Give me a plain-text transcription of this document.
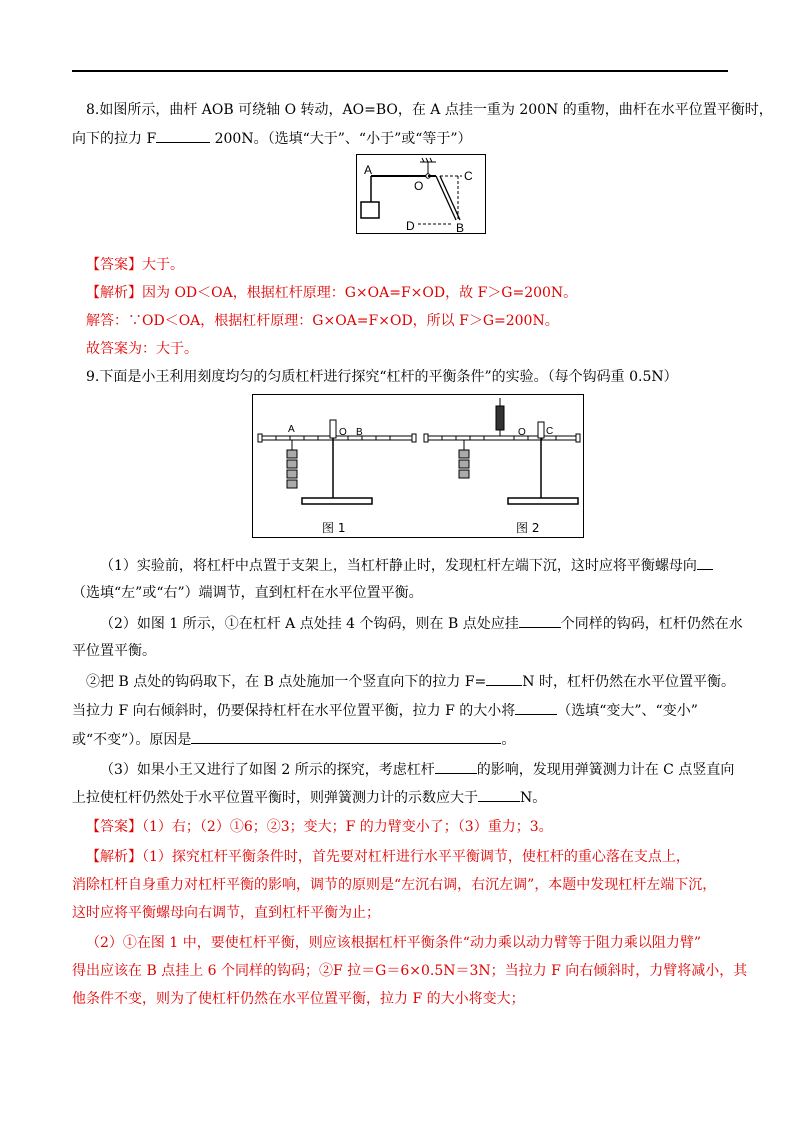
8.如图所示，曲杆 AOB 可绕轴 O 转动，AO=BO，在 A 点挂一重为 200N 的重物，曲杆在水平位置平衡时，
向下的拉力 F	200N。（选填“大于”、“小于”或“等于”）
A
O
C
B
D
【答案】大于。
【解析】因为 OD＜OA，根据杠杆原理：G×OA=F×OD，故 F＞G=200N。
解答：∵OD＜OA，根据杠杆原理：G×OA=F×OD，所以 F＞G=200N。
故答案为：大于。
9.下面是小王利用刻度均匀的匀质杠杆进行探究“杠杆的平衡条件”的实验。（每个钩码重 0.5N）
A	O B
图 1
O C
图 2
（1）实验前，将杠杆中点置于支架上，当杠杆静止时，发现杠杆左端下沉，这时应将平衡螺母向
（选填“左”或“右”）端调节，直到杠杆在水平位置平衡。
（2）如图 1 所示，①在杠杆 A 点处挂 4 个钩码，则在 B 点处应挂	个同样的钩码，杠杆仍然在水
平位置平衡。
②把 B 点处的钩码取下，在 B 点处施加一个竖直向下的拉力 F=	N 时，杠杆仍然在水平位置平衡。
当拉力 F 向右倾斜时，仍要保持杠杆在水平位置平衡，拉力 F 的大小将	（选填“变大”、“变小”
或“不变”）。原因是	。
（3）如果小王又进行了如图 2 所示的探究，考虑杠杆	的影响，发现用弹簧测力计在 C 点竖直向
上拉使杠杆仍然处于水平位置平衡时，则弹簧测力计的示数应大于	N。
【答案】（1）右；（2）①6；②3；变大；F 的力臂变小了；（3）重力；3。
【解析】（1）探究杠杆平衡条件时，首先要对杠杆进行水平平衡调节，使杠杆的重心落在支点上，
消除杠杆自身重力对杠杆平衡的影响，调节的原则是“左沉右调，右沉左调”，本题中发现杠杆左端下沉，
这时应将平衡螺母向右调节，直到杠杆平衡为止；
（2）①在图 1 中，要使杠杆平衡，则应该根据杠杆平衡条件“动力乘以动力臂等于阻力乘以阻力臂”
得出应该在 B 点挂上 6 个同样的钩码；②F 拉＝G＝6×0.5N＝3N；当拉力 F 向右倾斜时，力臂将减小，其
他条件不变，则为了使杠杆仍然在水平位置平衡，拉力 F 的大小将变大；
